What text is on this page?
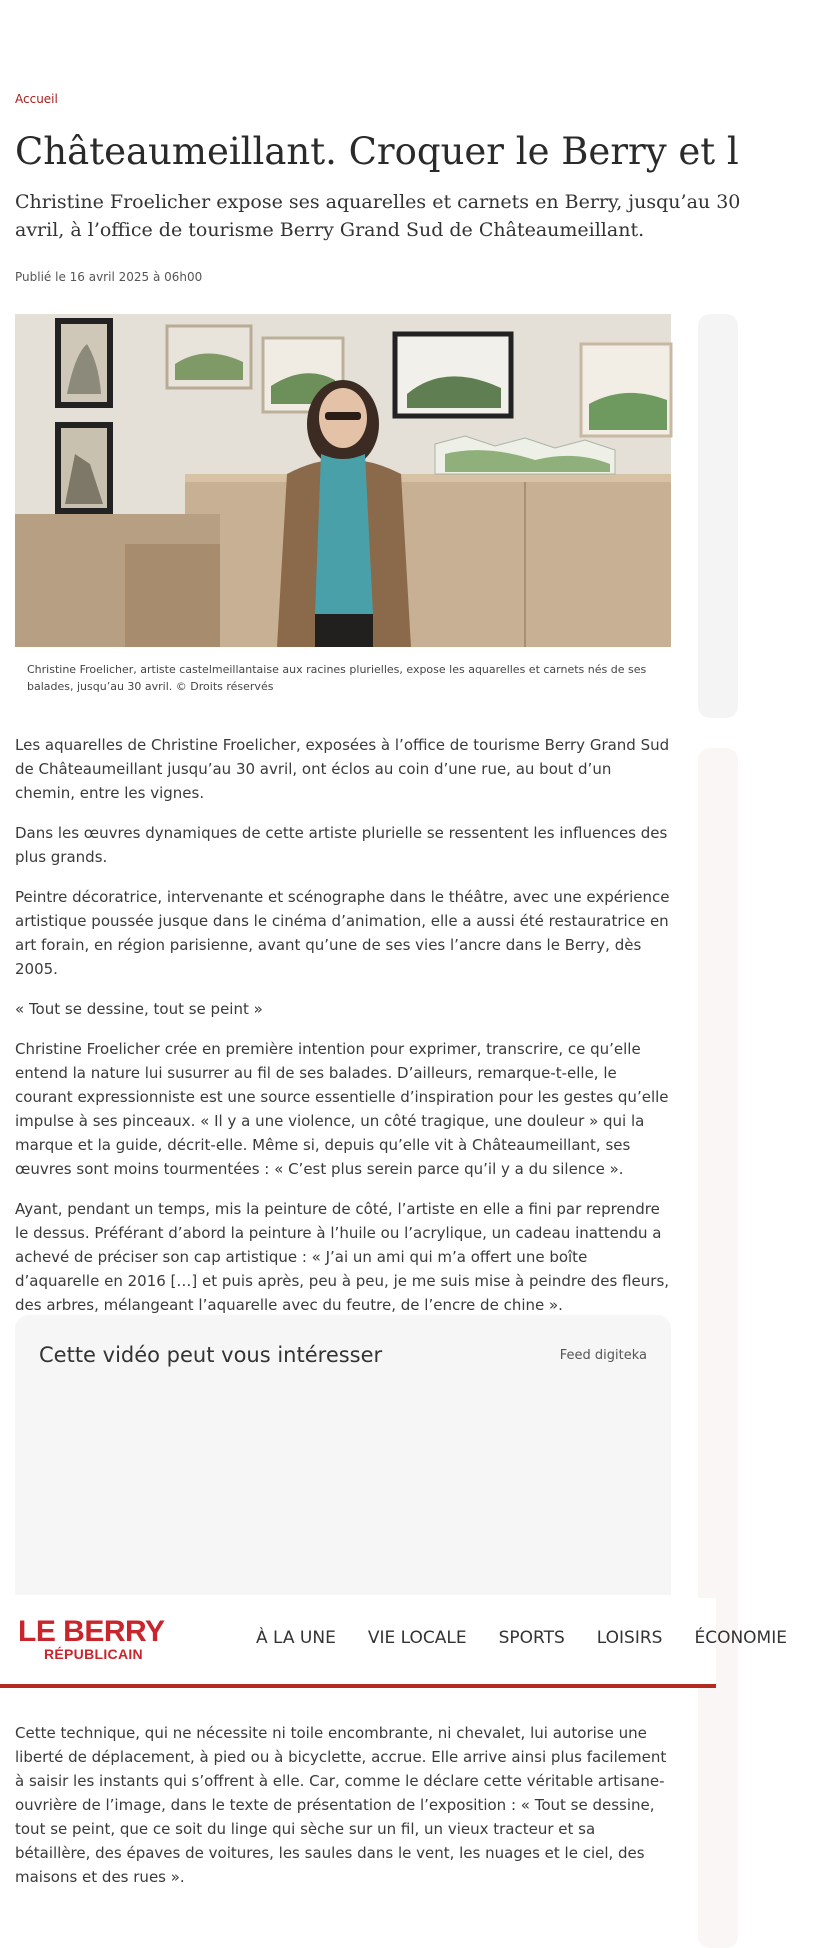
Accueil
Châteaumeillant. Croquer le Berry et l

Christine Froelicher expose ses aquarelles et carnets en Berry, jusqu’au 30 avril, à l’office de tourisme Berry Grand Sud de Châteaumeillant.

Publié le 16 avril 2025 à 06h00

Christine Froelicher, artiste castelmeillantaise aux racines plurielles, expose les aquarelles et carnets nés de ses balades, jusqu’au 30 avril. © Droits réservés

Les aquarelles de Christine Froelicher, exposées à l’office de tourisme Berry Grand Sud de Châteaumeillant jusqu’au 30 avril, ont éclos au coin d’une rue, au bout d’un chemin, entre les vignes.

Dans les œuvres dynamiques de cette artiste plurielle se ressentent les influences des plus grands.

Peintre décoratrice, intervenante et scénographe dans le théâtre, avec une expérience artistique poussée jusque dans le cinéma d’animation, elle a aussi été restauratrice en art forain, en région parisienne, avant qu’une de ses vies l’ancre dans le Berry, dès 2005.

« Tout se dessine, tout se peint »

Christine Froelicher crée en première intention pour exprimer, transcrire, ce qu’elle entend la nature lui susurrer au fil de ses balades. D’ailleurs, remarque-t-elle, le courant expressionniste est une source essentielle d’inspiration pour les gestes qu’elle impulse à ses pinceaux. « Il y a une violence, un côté tragique, une douleur » qui la marque et la guide, décrit-elle. Même si, depuis qu’elle vit à Châteaumeillant, ses œuvres sont moins tourmentées : « C’est plus serein parce qu’il y a du silence ».

Ayant, pendant un temps, mis la peinture de côté, l’artiste en elle a fini par reprendre le dessus. Préférant d’abord la peinture à l’huile ou l’acrylique, un cadeau inattendu a achevé de préciser son cap artistique : « J’ai un ami qui m’a offert une boîte d’aquarelle en 2016 […] et puis après, peu à peu, je me suis mise à peindre des fleurs, des arbres, mélangeant l’aquarelle avec du feutre, de l’encre de chine ».

Cette vidéo peut vous intéresser	Feed digiteka
LE BERRY
RÉPUBLICAIN
À LA UNE VIE LOCALE SPORTS LOISIRS ÉCONOMIE

Cette technique, qui ne nécessite ni toile encombrante, ni chevalet, lui autorise une liberté de déplacement, à pied ou à bicyclette, accrue. Elle arrive ainsi plus facilement à saisir les instants qui s’offrent à elle. Car, comme le déclare cette véritable artisane-ouvrière de l’image, dans le texte de présentation de l’exposition : « Tout se dessine, tout se peint, que ce soit du linge qui sèche sur un fil, un vieux tracteur et sa bétaillère, des épaves de voitures, les saules dans le vent, les nuages et le ciel, des maisons et des rues ».
